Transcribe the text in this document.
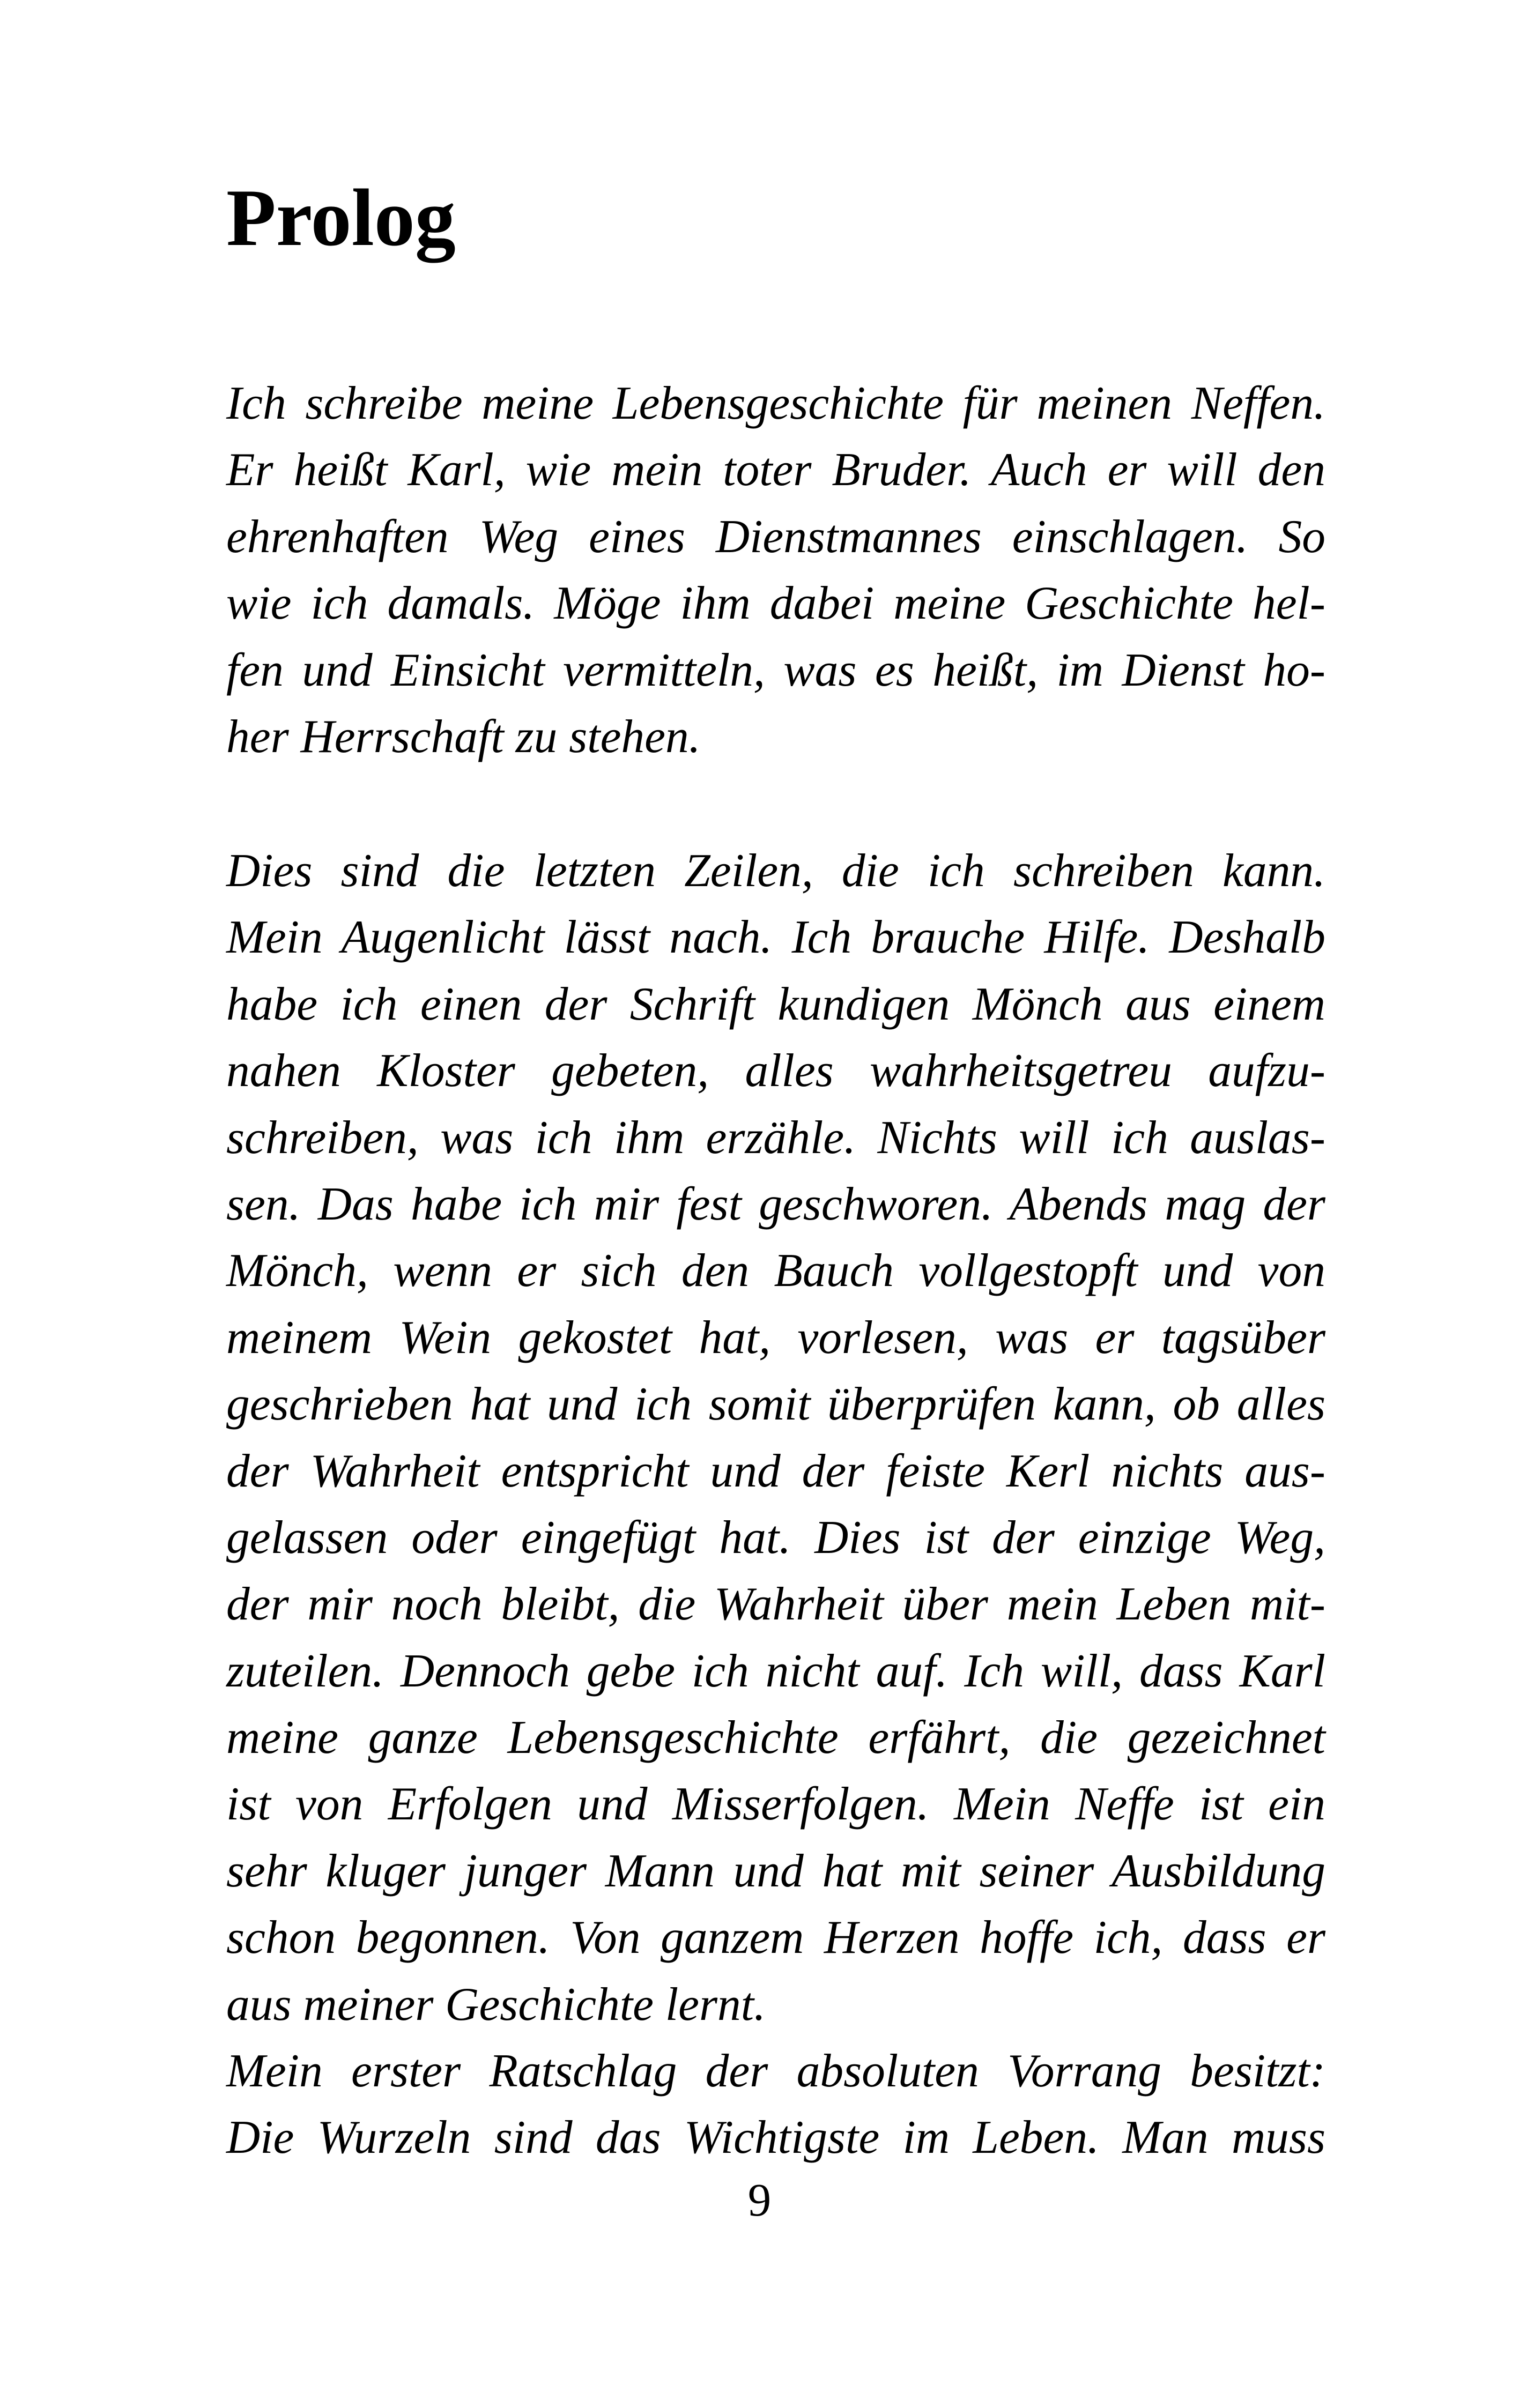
Prolog
Ich schreibe meine Lebensgeschichte für meinen Neffen.
Er heißt Karl, wie mein toter Bruder. Auch er will den
ehrenhaften Weg eines Dienstmannes einschlagen. So
wie ich damals. Möge ihm dabei meine Geschichte hel-
fen und Einsicht vermitteln, was es heißt, im Dienst ho-
her Herrschaft zu stehen.
Dies sind die letzten Zeilen, die ich schreiben kann.
Mein Augenlicht lässt nach. Ich brauche Hilfe. Deshalb
habe ich einen der Schrift kundigen Mönch aus einem
nahen Kloster gebeten, alles wahrheitsgetreu aufzu-
schreiben, was ich ihm erzähle. Nichts will ich auslas-
sen. Das habe ich mir fest geschworen. Abends mag der
Mönch, wenn er sich den Bauch vollgestopft und von
meinem Wein gekostet hat, vorlesen, was er tagsüber
geschrieben hat und ich somit überprüfen kann, ob alles
der Wahrheit entspricht und der feiste Kerl nichts aus-
gelassen oder eingefügt hat. Dies ist der einzige Weg,
der mir noch bleibt, die Wahrheit über mein Leben mit-
zuteilen. Dennoch gebe ich nicht auf. Ich will, dass Karl
meine ganze Lebensgeschichte erfährt, die gezeichnet
ist von Erfolgen und Misserfolgen. Mein Neffe ist ein
sehr kluger junger Mann und hat mit seiner Ausbildung
schon begonnen. Von ganzem Herzen hoffe ich, dass er
aus meiner Geschichte lernt.
Mein erster Ratschlag der absoluten Vorrang besitzt:
Die Wurzeln sind das Wichtigste im Leben. Man muss
9
